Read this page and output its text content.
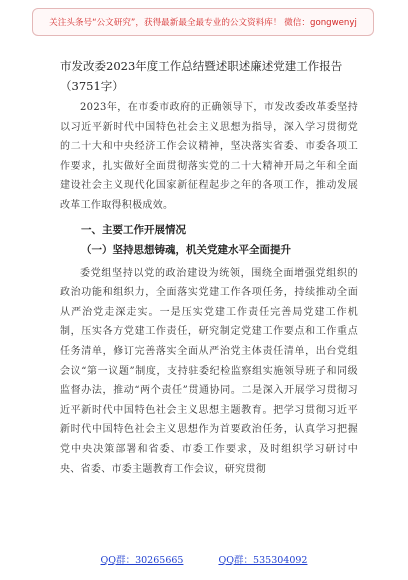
关注头条号“公文研究”，获得最新最全最专业的公文资料库！ 微信：gongwenyj

市发改委2023年度工作总结暨述职述廉述党建工作报告

（3751字）

2023年，在市委市政府的正确领导下，市发改委改革委坚持以习近平新时代中国特色社会主义思想为指导，深入学习贯彻党的二十大和中央经济工作会议精神，坚决落实省委、市委各项工作要求，扎实做好全面贯彻落实党的二十大精神开局之年和全面建设社会主义现代化国家新征程起步之年的各项工作，推动发展改革工作取得积极成效。

一、主要工作开展情况

（一）坚持思想铸魂，机关党建水平全面提升

委党组坚持以党的政治建设为统领，围绕全面增强党组织的政治功能和组织力，全面落实党建工作各项任务，持续推动全面从严治党走深走实。一是压实党建工作责任完善局党建工作机制，压实各方党建工作责任，研究制定党建工作要点和工作重点任务清单，修订完善落实全面从严治党主体责任清单，出台党组会议“第一议题”制度，支持驻委纪检监察组实施领导班子和同级监督办法，推动“两个责任”贯通协同。二是深入开展学习贯彻习近平新时代中国特色社会主义思想主题教育。把学习贯彻习近平新时代中国特色社会主义思想作为首要政治任务，认真学习把握党中央决策部署和省委、市委工作要求，及时组织学习研讨中央、省委、市委主题教育工作会议，研究贯彻

QQ群：30265665	QQ群：535304092
